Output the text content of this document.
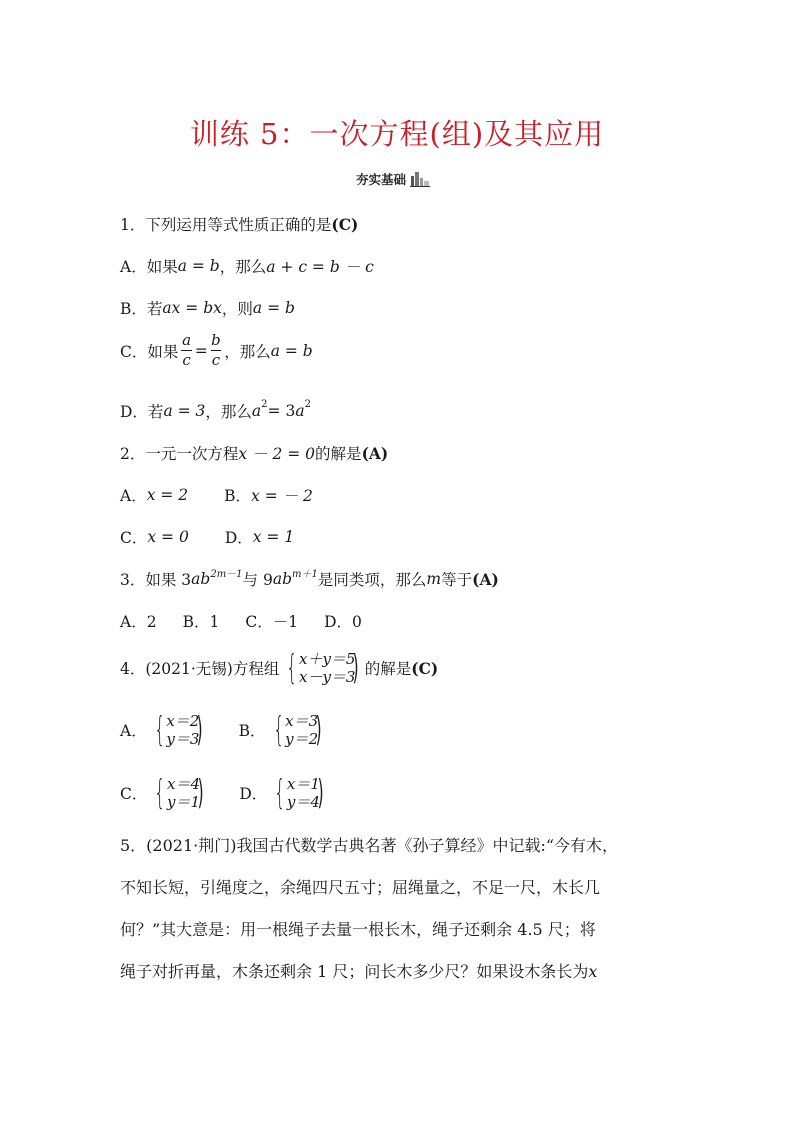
训练 5：一次方程(组)及其应用
夯实基础
1．下列运用等式性质正确的是 (C)
A．如果 a = b ，那么 a + c = b － c
B．若 ax = bx ，则 a = b
C．如果 $\frac{a}{c} = \frac{b}{c}$ ，那么 a = b
D．若 a = 3 ，那么 a 2 = 3 a 2
2．一元一次方程 x － 2 = 0 的解是 (A)
A． x = 2 B． x = － 2
C． x = 0 D． x = 1
3．如果 3 ab 2m－1 与 9 ab m＋1 是同类项，那么 m 等于 (A)
A．2 B．1 C．－1 D．0
4．(2021·无锡)方程组 { x＋y＝5
x－y＝3
) 的解是 (C)
A． { x＝2
y＝3
) B． { x＝3
y＝2
)
C． { x＝4
y＝1
) D． { x＝1
y＝4
)
5．(2021·荆门)我国古代数学古典名著《孙子算经》中记载:“今有木，
不知长短，引绳度之，余绳四尺五寸；屈绳量之，不足一尺，木长几
何？”其大意是：用一根绳子去量一根长木，绳子还剩余 4.5 尺；将
绳子对折再量，木条还剩余 1 尺；问长木多少尺？如果设木条长为x
